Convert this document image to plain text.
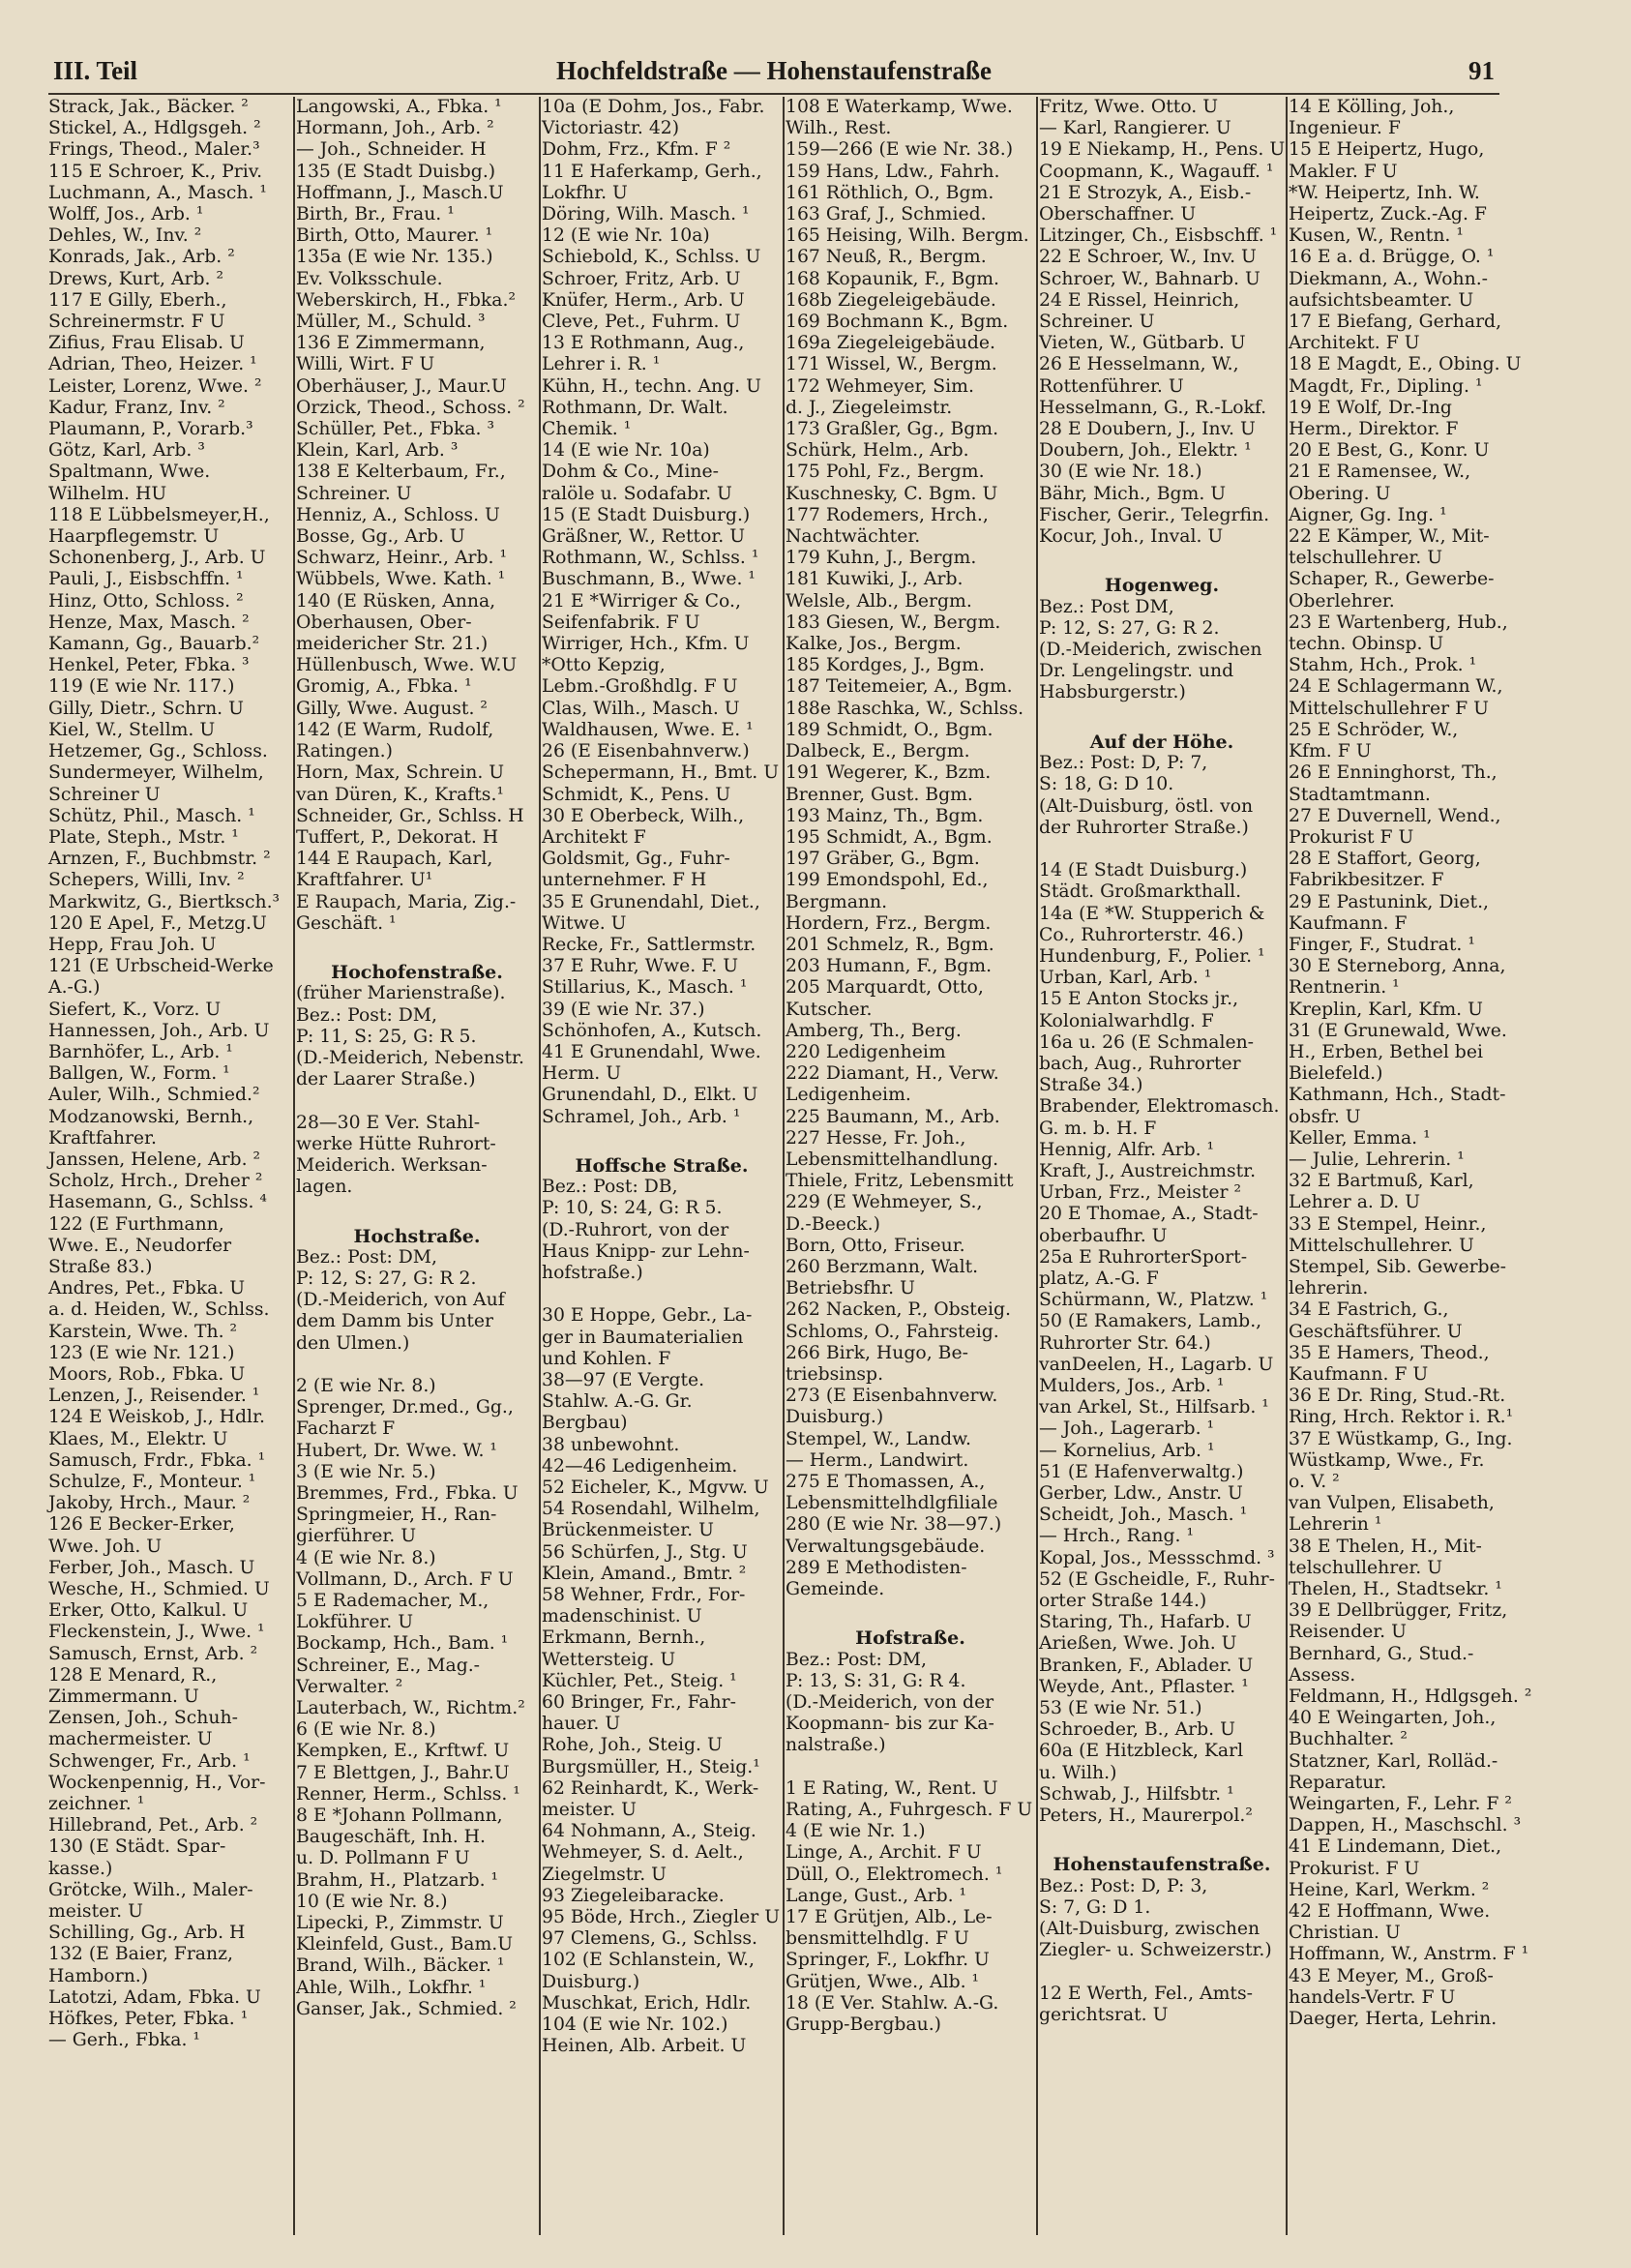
III. Teil	Hochfeldstraße — Hohenstaufenstraße	91
Strack, Jak., Bäcker. ²
Stickel, A., Hdlgsgeh. ²
Frings, Theod., Maler.³
115 E Schroer, K., Priv.
Luchmann, A., Masch. ¹
Wolff, Jos., Arb. ¹
Dehles, W., Inv. ²
Konrads, Jak., Arb. ²
Drews, Kurt, Arb. ²
117 E Gilly, Eberh.,
Schreinermstr. F U
Zifius, Frau Elisab. U
Adrian, Theo, Heizer. ¹
Leister, Lorenz, Wwe. ²
Kadur, Franz, Inv. ²
Plaumann, P., Vorarb.³
Götz, Karl, Arb. ³
Spaltmann, Wwe.
Wilhelm. HU
118 E Lübbelsmeyer,H.,
Haarpflegemstr. U
Schonenberg, J., Arb. U
Pauli, J., Eisbschffn. ¹
Hinz, Otto, Schloss. ²
Henze, Max, Masch. ²
Kamann, Gg., Bauarb.²
Henkel, Peter, Fbka. ³
119 (E wie Nr. 117.)
Gilly, Dietr., Schrn. U
Kiel, W., Stellm. U
Hetzemer, Gg., Schloss.
Sundermeyer, Wilhelm,
Schreiner U
Schütz, Phil., Masch. ¹
Plate, Steph., Mstr. ¹
Arnzen, F., Buchbmstr. ²
Schepers, Willi, Inv. ²
Markwitz, G., Biertksch.³
120 E Apel, F., Metzg.U
Hepp, Frau Joh. U
121 (E Urbscheid-Werke
A.-G.)
Siefert, K., Vorz. U
Hannessen, Joh., Arb. U
Barnhöfer, L., Arb. ¹
Ballgen, W., Form. ¹
Auler, Wilh., Schmied.²
Modzanowski, Bernh.,
Kraftfahrer.
Janssen, Helene, Arb. ²
Scholz, Hrch., Dreher ²
Hasemann, G., Schlss. ⁴
122 (E Furthmann,
Wwe. E., Neudorfer
Straße 83.)
Andres, Pet., Fbka. U
a. d. Heiden, W., Schlss.
Karstein, Wwe. Th. ²
123 (E wie Nr. 121.)
Moors, Rob., Fbka. U
Lenzen, J., Reisender. ¹
124 E Weiskob, J., Hdlr.
Klaes, M., Elektr. U
Samusch, Frdr., Fbka. ¹
Schulze, F., Monteur. ¹
Jakoby, Hrch., Maur. ²
126 E Becker-Erker,
Wwe. Joh. U
Ferber, Joh., Masch. U
Wesche, H., Schmied. U
Erker, Otto, Kalkul. U
Fleckenstein, J., Wwe. ¹
Samusch, Ernst, Arb. ²
128 E Menard, R.,
Zimmermann. U
Zensen, Joh., Schuh-
machermeister. U
Schwenger, Fr., Arb. ¹
Wockenpennig, H., Vor-
zeichner. ¹
Hillebrand, Pet., Arb. ²
130 (E Städt. Spar-
kasse.)
Grötcke, Wilh., Maler-
meister. U
Schilling, Gg., Arb. H
132 (E Baier, Franz,
Hamborn.)
Latotzi, Adam, Fbka. U
Höfkes, Peter, Fbka. ¹
— Gerh., Fbka. ¹
Langowski, A., Fbka. ¹
Hormann, Joh., Arb. ²
— Joh., Schneider. H
135 (E Stadt Duisbg.)
Hoffmann, J., Masch.U
Birth, Br., Frau. ¹
Birth, Otto, Maurer. ¹
135a (E wie Nr. 135.)
Ev. Volksschule.
Weberskirch, H., Fbka.²
Müller, M., Schuld. ³
136 E Zimmermann,
Willi, Wirt. F U
Oberhäuser, J., Maur.U
Orzick, Theod., Schoss. ²
Schüller, Pet., Fbka. ³
Klein, Karl, Arb. ³
138 E Kelterbaum, Fr.,
Schreiner. U
Henniz, A., Schloss. U
Bosse, Gg., Arb. U
Schwarz, Heinr., Arb. ¹
Wübbels, Wwe. Kath. ¹
140 (E Rüsken, Anna,
Oberhausen, Ober-
meidericher Str. 21.)
Hüllenbusch, Wwe. W.U
Gromig, A., Fbka. ¹
Gilly, Wwe. August. ²
142 (E Warm, Rudolf,
Ratingen.)
Horn, Max, Schrein. U
van Düren, K., Krafts.¹
Schneider, Gr., Schlss. H
Tuffert, P., Dekorat. H
144 E Raupach, Karl,
Kraftfahrer. U¹
E Raupach, Maria, Zig.-
Geschäft. ¹

Hochofenstraße.
(früher Marienstraße).
Bez.: Post: DM,
P: 11, S: 25, G: R 5.
(D.-Meiderich, Nebenstr.
der Laarer Straße.)

28—30 E Ver. Stahl-
werke Hütte Ruhrort-
Meiderich. Werksan-
lagen.

Hochstraße.
Bez.: Post: DM,
P: 12, S: 27, G: R 2.
(D.-Meiderich, von Auf
dem Damm bis Unter
den Ulmen.)

2 (E wie Nr. 8.)
Sprenger, Dr.med., Gg.,
Facharzt F
Hubert, Dr. Wwe. W. ¹
3 (E wie Nr. 5.)
Bremmes, Frd., Fbka. U
Springmeier, H., Ran-
gierführer. U
4 (E wie Nr. 8.)
Vollmann, D., Arch. F U
5 E Rademacher, M.,
Lokführer. U
Bockamp, Hch., Bam. ¹
Schreiner, E., Mag.-
Verwalter. ²
Lauterbach, W., Richtm.²
6 (E wie Nr. 8.)
Kempken, E., Krftwf. U
7 E Blettgen, J., Bahr.U
Renner, Herm., Schlss. ¹
8 E *Johann Pollmann,
Baugeschäft, Inh. H.
u. D. Pollmann F U
Brahm, H., Platzarb. ¹
10 (E wie Nr. 8.)
Lipecki, P., Zimmstr. U
Kleinfeld, Gust., Bam.U
Brand, Wilh., Bäcker. ¹
Ahle, Wilh., Lokfhr. ¹
Ganser, Jak., Schmied. ²
10a (E Dohm, Jos., Fabr.
Victoriastr. 42)
Dohm, Frz., Kfm. F ²
11 E Haferkamp, Gerh.,
Lokfhr. U
Döring, Wilh. Masch. ¹
12 (E wie Nr. 10a)
Schiebold, K., Schlss. U
Schroer, Fritz, Arb. U
Knüfer, Herm., Arb. U
Cleve, Pet., Fuhrm. U
13 E Rothmann, Aug.,
Lehrer i. R. ¹
Kühn, H., techn. Ang. U
Rothmann, Dr. Walt.
Chemik. ¹
14 (E wie Nr. 10a)
Dohm & Co., Mine-
ralöle u. Sodafabr. U
15 (E Stadt Duisburg.)
Gräßner, W., Rettor. U
Rothmann, W., Schlss. ¹
Buschmann, B., Wwe. ¹
21 E *Wirriger & Co.,
Seifenfabrik. F U
Wirriger, Hch., Kfm. U
*Otto Kepzig,
Lebm.-Großhdlg. F U
Clas, Wilh., Masch. U
Waldhausen, Wwe. E. ¹
26 (E Eisenbahnverw.)
Schepermann, H., Bmt. U
Schmidt, K., Pens. U
30 E Oberbeck, Wilh.,
Architekt F
Goldsmit, Gg., Fuhr-
unternehmer. F H
35 E Grunendahl, Diet.,
Witwe. U
Recke, Fr., Sattlermstr.
37 E Ruhr, Wwe. F. U
Stillarius, K., Masch. ¹
39 (E wie Nr. 37.)
Schönhofen, A., Kutsch.
41 E Grunendahl, Wwe.
Herm. U
Grunendahl, D., Elkt. U
Schramel, Joh., Arb. ¹

Hoffsche Straße.
Bez.: Post: DB,
P: 10, S: 24, G: R 5.
(D.-Ruhrort, von der
Haus Knipp- zur Lehn-
hofstraße.)

30 E Hoppe, Gebr., La-
ger in Baumaterialien
und Kohlen. F
38—97 (E Vergte.
Stahlw. A.-G. Gr.
Bergbau)
38 unbewohnt.
42—46 Ledigenheim.
52 Eicheler, K., Mgvw. U
54 Rosendahl, Wilhelm,
Brückenmeister. U
56 Schürfen, J., Stg. U
Klein, Amand., Bmtr. ²
58 Wehner, Frdr., For-
madenschinist. U
Erkmann, Bernh.,
Wettersteig. U
Küchler, Pet., Steig. ¹
60 Bringer, Fr., Fahr-
hauer. U
Rohe, Joh., Steig. U
Burgsmüller, H., Steig.¹
62 Reinhardt, K., Werk-
meister. U
64 Nohmann, A., Steig.
Wehmeyer, S. d. Aelt.,
Ziegelmstr. U
93 Ziegeleibaracke.
95 Böde, Hrch., Ziegler U
97 Clemens, G., Schlss.
102 (E Schlanstein, W.,
Duisburg.)
Muschkat, Erich, Hdlr.
104 (E wie Nr. 102.)
Heinen, Alb. Arbeit. U
108 E Waterkamp, Wwe.
Wilh., Rest.
159—266 (E wie Nr. 38.)
159 Hans, Ldw., Fahrh.
161 Röthlich, O., Bgm.
163 Graf, J., Schmied.
165 Heising, Wilh. Bergm.
167 Neuß, R., Bergm.
168 Kopaunik, F., Bgm.
168b Ziegeleigebäude.
169 Bochmann K., Bgm.
169a Ziegeleigebäude.
171 Wissel, W., Bergm.
172 Wehmeyer, Sim.
d. J., Ziegeleimstr.
173 Graßler, Gg., Bgm.
Schürk, Helm., Arb.
175 Pohl, Fz., Bergm.
Kuschnesky, C. Bgm. U
177 Rodemers, Hrch.,
Nachtwächter.
179 Kuhn, J., Bergm.
181 Kuwiki, J., Arb.
Welsle, Alb., Bergm.
183 Giesen, W., Bergm.
Kalke, Jos., Bergm.
185 Kordges, J., Bgm.
187 Teitemeier, A., Bgm.
188e Raschka, W., Schlss.
189 Schmidt, O., Bgm.
Dalbeck, E., Bergm.
191 Wegerer, K., Bzm.
Brenner, Gust. Bgm.
193 Mainz, Th., Bgm.
195 Schmidt, A., Bgm.
197 Gräber, G., Bgm.
199 Emondspohl, Ed.,
Bergmann.
Hordern, Frz., Bergm.
201 Schmelz, R., Bgm.
203 Humann, F., Bgm.
205 Marquardt, Otto,
Kutscher.
Amberg, Th., Berg.
220 Ledigenheim
222 Diamant, H., Verw.
Ledigenheim.
225 Baumann, M., Arb.
227 Hesse, Fr. Joh.,
Lebensmittelhandlung.
Thiele, Fritz, Lebensmitt
229 (E Wehmeyer, S.,
D.-Beeck.)
Born, Otto, Friseur.
260 Berzmann, Walt.
Betriebsfhr. U
262 Nacken, P., Obsteig.
Schloms, O., Fahrsteig.
266 Birk, Hugo, Be-
triebsinsp.
273 (E Eisenbahnverw.
Duisburg.)
Stempel, W., Landw.
— Herm., Landwirt.
275 E Thomassen, A.,
Lebensmittelhdlgfiliale
280 (E wie Nr. 38—97.)
Verwaltungsgebäude.
289 E Methodisten-
Gemeinde.

Hofstraße.
Bez.: Post: DM,
P: 13, S: 31, G: R 4.
(D.-Meiderich, von der
Koopmann- bis zur Ka-
nalstraße.)

1 E Rating, W., Rent. U
Rating, A., Fuhrgesch. F U
4 (E wie Nr. 1.)
Linge, A., Archit. F U
Düll, O., Elektromech. ¹
Lange, Gust., Arb. ¹
17 E Grütjen, Alb., Le-
bensmittelhdlg. F U
Springer, F., Lokfhr. U
Grütjen, Wwe., Alb. ¹
18 (E Ver. Stahlw. A.-G.
Grupp-Bergbau.)
Fritz, Wwe. Otto. U
— Karl, Rangierer. U
19 E Niekamp, H., Pens. U
Coopmann, K., Wagauff. ¹
21 E Strozyk, A., Eisb.-
Oberschaffner. U
Litzinger, Ch., Eisbschff. ¹
22 E Schroer, W., Inv. U
Schroer, W., Bahnarb. U
24 E Rissel, Heinrich,
Schreiner. U
Vieten, W., Gütbarb. U
26 E Hesselmann, W.,
Rottenführer. U
Hesselmann, G., R.-Lokf.
28 E Doubern, J., Inv. U
Doubern, Joh., Elektr. ¹
30 (E wie Nr. 18.)
Bähr, Mich., Bgm. U
Fischer, Gerir., Telegrfin.
Kocur, Joh., Inval. U

Hogenweg.
Bez.: Post DM,
P: 12, S: 27, G: R 2.
(D.-Meiderich, zwischen
Dr. Lengelingstr. und
Habsburgerstr.)

Auf der Höhe.
Bez.: Post: D, P: 7,
S: 18, G: D 10.
(Alt-Duisburg, östl. von
der Ruhrorter Straße.)

14 (E Stadt Duisburg.)
Städt. Großmarkthall.
14a (E *W. Stupperich &
Co., Ruhrorterstr. 46.)
Hundenburg, F., Polier. ¹
Urban, Karl, Arb. ¹
15 E Anton Stocks jr.,
Kolonialwarhdlg. F
16a u. 26 (E Schmalen-
bach, Aug., Ruhrorter
Straße 34.)
Brabender, Elektromasch.
G. m. b. H. F
Hennig, Alfr. Arb. ¹
Kraft, J., Austreichmstr.
Urban, Frz., Meister ²
20 E Thomae, A., Stadt-
oberbaufhr. U
25a E RuhrorterSport-
platz, A.-G. F
Schürmann, W., Platzw. ¹
50 (E Ramakers, Lamb.,
Ruhrorter Str. 64.)
vanDeelen, H., Lagarb. U
Mulders, Jos., Arb. ¹
van Arkel, St., Hilfsarb. ¹
— Joh., Lagerarb. ¹
— Kornelius, Arb. ¹
51 (E Hafenverwaltg.)
Gerber, Ldw., Anstr. U
Scheidt, Joh., Masch. ¹
— Hrch., Rang. ¹
Kopal, Jos., Messschmd. ³
52 (E Gscheidle, F., Ruhr-
orter Straße 144.)
Staring, Th., Hafarb. U
Arießen, Wwe. Joh. U
Branken, F., Ablader. U
Weyde, Ant., Pflaster. ¹
53 (E wie Nr. 51.)
Schroeder, B., Arb. U
60a (E Hitzbleck, Karl
u. Wilh.)
Schwab, J., Hilfsbtr. ¹
Peters, H., Maurerpol.²

Hohenstaufenstraße.
Bez.: Post: D, P: 3,
S: 7, G: D 1.
(Alt-Duisburg, zwischen
Ziegler- u. Schweizerstr.)

12 E Werth, Fel., Amts-
gerichtsrat. U
14 E Kölling, Joh.,
Ingenieur. F
15 E Heipertz, Hugo,
Makler. F U
*W. Heipertz, Inh. W.
Heipertz, Zuck.-Ag. F
Kusen, W., Rentn. ¹
16 E a. d. Brügge, O. ¹
Diekmann, A., Wohn.-
aufsichtsbeamter. U
17 E Biefang, Gerhard,
Architekt. F U
18 E Magdt, E., Obing. U
Magdt, Fr., Dipling. ¹
19 E Wolf, Dr.-Ing
Herm., Direktor. F
20 E Best, G., Konr. U
21 E Ramensee, W.,
Obering. U
Aigner, Gg. Ing. ¹
22 E Kämper, W., Mit-
telschullehrer. U
Schaper, R., Gewerbe-
Oberlehrer.
23 E Wartenberg, Hub.,
techn. Obinsp. U
Stahm, Hch., Prok. ¹
24 E Schlagermann W.,
Mittelschullehrer F U
25 E Schröder, W.,
Kfm. F U
26 E Enninghorst, Th.,
Stadtamtmann.
27 E Duvernell, Wend.,
Prokurist F U
28 E Staffort, Georg,
Fabrikbesitzer. F
29 E Pastunink, Diet.,
Kaufmann. F
Finger, F., Studrat. ¹
30 E Sterneborg, Anna,
Rentnerin. ¹
Kreplin, Karl, Kfm. U
31 (E Grunewald, Wwe.
H., Erben, Bethel bei
Bielefeld.)
Kathmann, Hch., Stadt-
obsfr. U
Keller, Emma. ¹
— Julie, Lehrerin. ¹
32 E Bartmuß, Karl,
Lehrer a. D. U
33 E Stempel, Heinr.,
Mittelschullehrer. U
Stempel, Sib. Gewerbe-
lehrerin.
34 E Fastrich, G.,
Geschäftsführer. U
35 E Hamers, Theod.,
Kaufmann. F U
36 E Dr. Ring, Stud.-Rt.
Ring, Hrch. Rektor i. R.¹
37 E Wüstkamp, G., Ing.
Wüstkamp, Wwe., Fr.
o. V. ²
van Vulpen, Elisabeth,
Lehrerin ¹
38 E Thelen, H., Mit-
telschullehrer. U
Thelen, H., Stadtsekr. ¹
39 E Dellbrügger, Fritz,
Reisender. U
Bernhard, G., Stud.-
Assess.
Feldmann, H., Hdlgsgeh. ²
40 E Weingarten, Joh.,
Buchhalter. ²
Statzner, Karl, Rolläd.-
Reparatur.
Weingarten, F., Lehr. F ²
Dappen, H., Maschschl. ³
41 E Lindemann, Diet.,
Prokurist. F U
Heine, Karl, Werkm. ²
42 E Hoffmann, Wwe.
Christian. U
Hoffmann, W., Anstrm. F ¹
43 E Meyer, M., Groß-
handels-Vertr. F U
Daeger, Herta, Lehrin.
